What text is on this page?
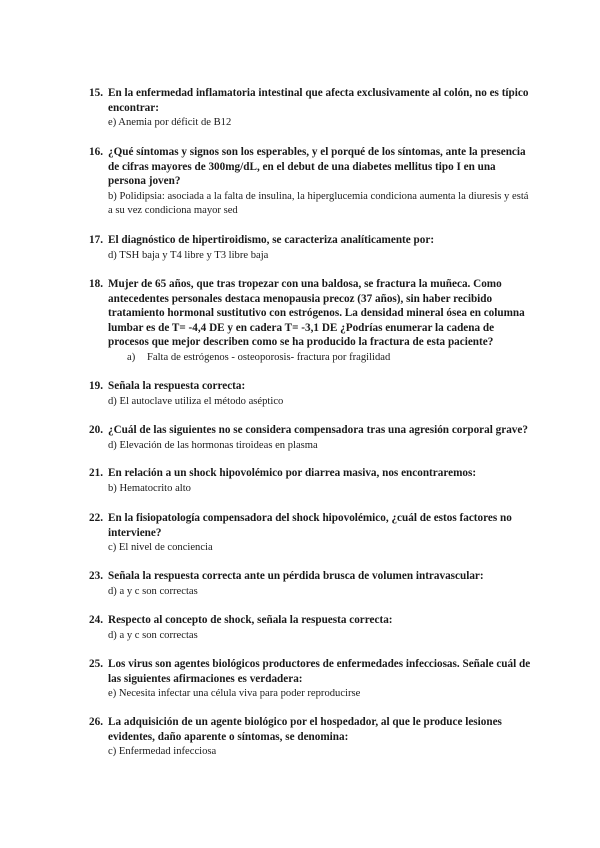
15. En la enfermedad inflamatoria intestinal que afecta exclusivamente al colón, no es típico encontrar:
e) Anemia por déficit de B12
16. ¿Qué síntomas y signos son los esperables, y el porqué de los síntomas, ante la presencia de cifras mayores de 300mg/dL, en el debut de una diabetes mellitus tipo I en una persona joven?
b) Polidipsia: asociada a la falta de insulina, la hiperglucemia condiciona aumenta la diuresis y está a su vez condiciona mayor sed
17. El diagnóstico de hipertiroidismo, se caracteriza analíticamente por:
d) TSH baja y T4 libre y T3 libre baja
18. Mujer de 65 años, que tras tropezar con una baldosa, se fractura la muñeca. Como antecedentes personales destaca menopausia precoz (37 años), sin haber recibido tratamiento hormonal sustitutivo con estrógenos. La densidad mineral ósea en columna lumbar es de T= -4,4 DE y en cadera T= -3,1 DE ¿Podrías enumerar la cadena de procesos que mejor describen como se ha producido la fractura de esta paciente?
a) Falta de estrógenos - osteoporosis- fractura por fragilidad
19. Señala la respuesta correcta:
d) El autoclave utiliza el método aséptico
20. ¿Cuál de las siguientes no se considera compensadora tras una agresión corporal grave?
d) Elevación de las hormonas tiroideas en plasma
21. En relación a un shock hipovolémico por diarrea masiva, nos encontraremos:
b) Hematocrito alto
22. En la fisiopatología compensadora del shock hipovolémico, ¿cuál de estos factores no interviene?
c) El nivel de conciencia
23. Señala la respuesta correcta ante un pérdida brusca de volumen intravascular:
d) a y c son correctas
24. Respecto al concepto de shock, señala la respuesta correcta:
d) a y c son correctas
25. Los virus son agentes biológicos productores de enfermedades infecciosas. Señale cuál de las siguientes afirmaciones es verdadera:
e) Necesita infectar una célula viva para poder reproducirse
26. La adquisición de un agente biológico por el hospedador, al que le produce lesiones evidentes, daño aparente o síntomas, se denomina:
c) Enfermedad infecciosa
